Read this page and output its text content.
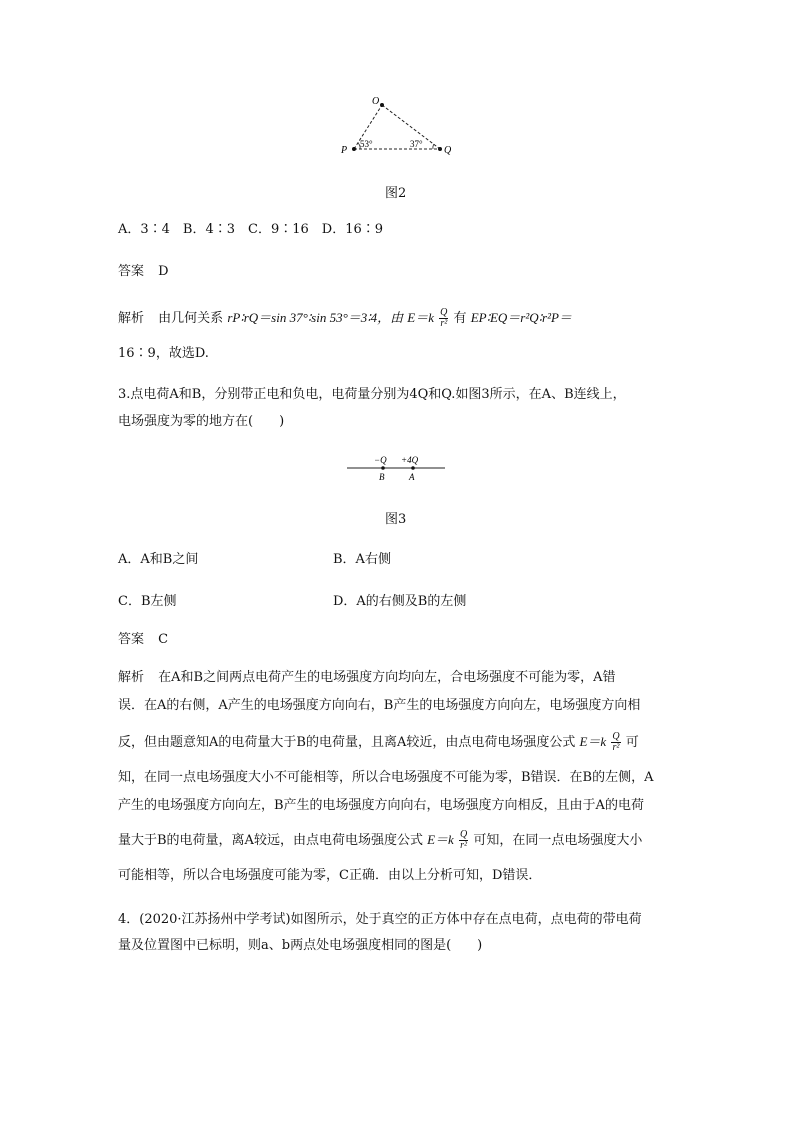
O
P	Q
53°	37°
图2
A．3∶4　B．4∶3　C．9∶16　D．16∶9
答案 D
解析 由几何关系 rP∶rQ＝sin 37°∶sin 53°＝3∶4，由 $E=k \frac{Q}{\text{r²}}$ 有 EP∶EQ＝r²Q∶r²P＝
16∶9，故选D.
3.点电荷A和B，分别带正电和负电，电荷量分别为4Q和Q.如图3所示，在A、B连线上，
电场强度为零的地方在(　　)
−Q +4Q
B	A
图3
A．A和B之间	B．A右侧
C．B左侧	D．A的右侧及B的左侧
答案 C
解析 在A和B之间两点电荷产生的电场强度方向均向左，合电场强度不可能为零，A错
误．在A的右侧，A产生的电场强度方向向右，B产生的电场强度方向向左，电场强度方向相
反，但由题意知A的电荷量大于B的电荷量，且离A较近，由点电荷电场强度公式 $E=k \frac{Q}{\text{r²}}$ 可
知，在同一点电场强度大小不可能相等，所以合电场强度不可能为零，B错误．在B的左侧，A
产生的电场强度方向向左，B产生的电场强度方向向右，电场强度方向相反，且由于A的电荷
量大于B的电荷量，离A较远，由点电荷电场强度公式 $E=k \frac{Q}{\text{r²}}$ 可知，在同一点电场强度大小
可能相等，所以合电场强度可能为零，C正确．由以上分析可知，D错误．
4．(2020·江苏扬州中学考试)如图所示，处于真空的正方体中存在点电荷，点电荷的带电荷
量及位置图中已标明，则a、b两点处电场强度相同的图是(　　)
